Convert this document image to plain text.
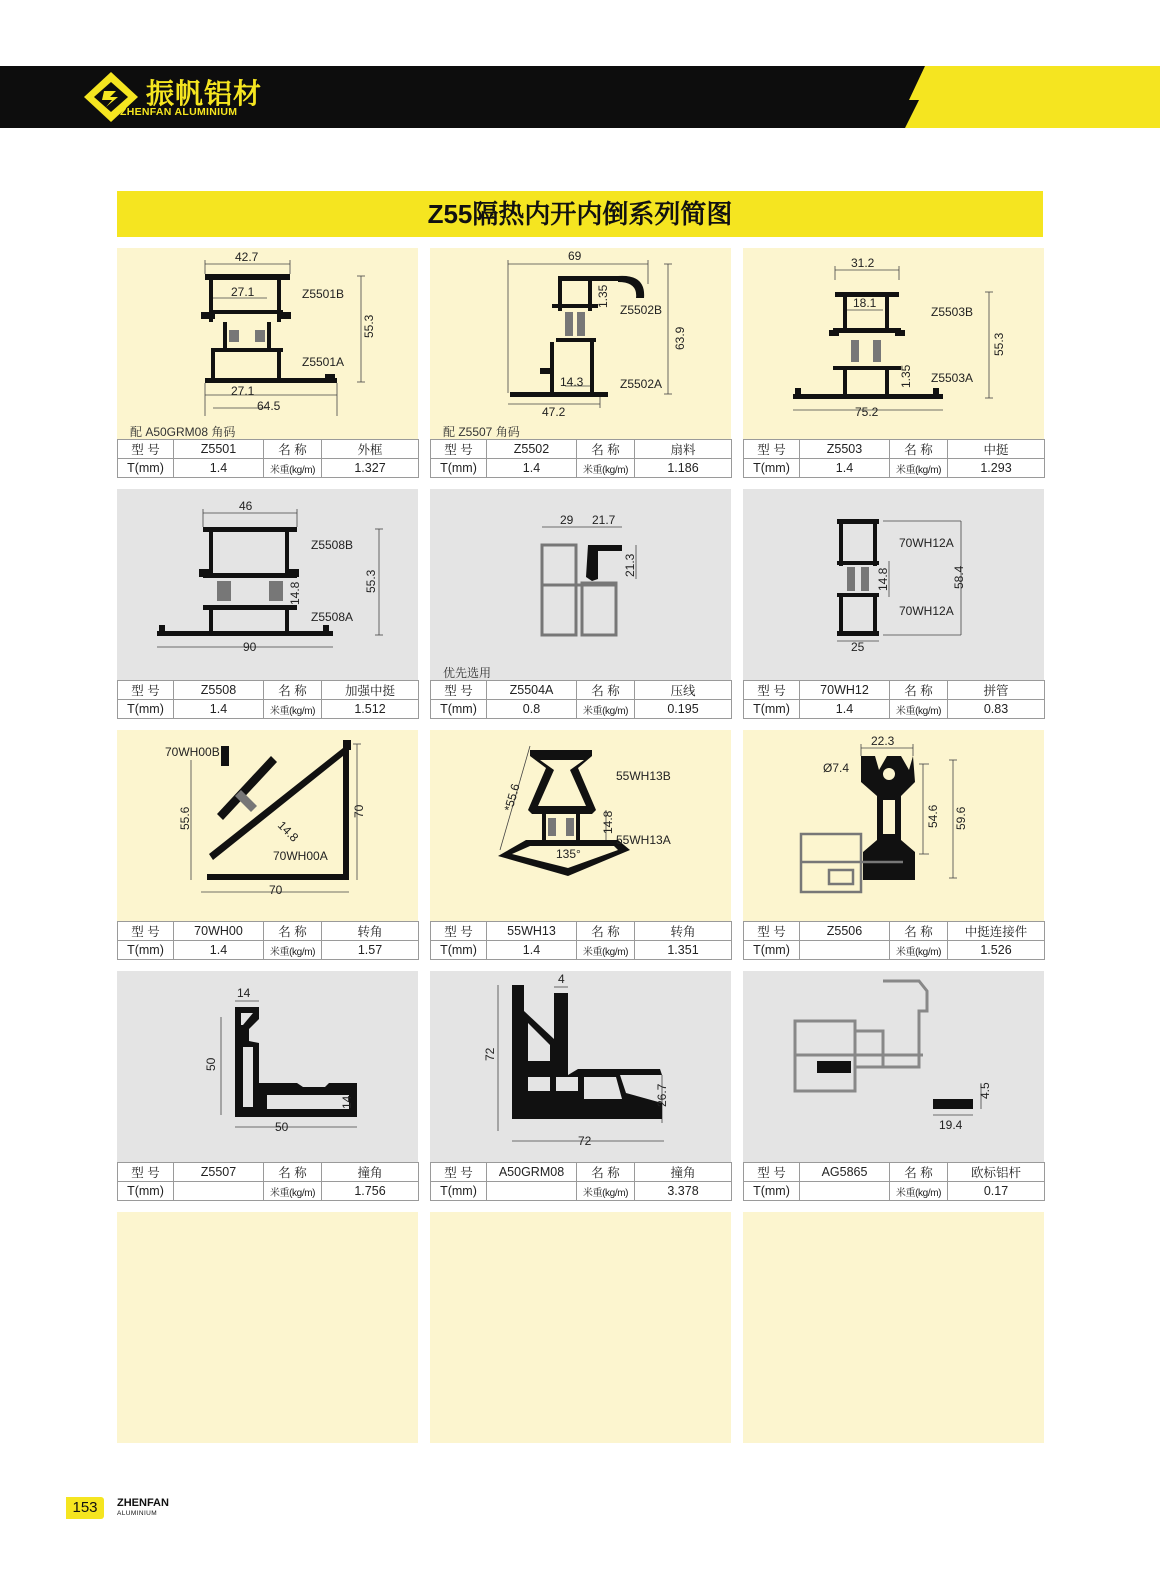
振帆铝材
ZHENFAN ALUMINIUM
Z55隔热内开内倒系列简图
42.7
27.1	Z5501B
Z5501A
55.3
27.1
64.5
配 A50GRM08 角码
型 号	Z5501	名 称	外框
T(mm)	1.4	米重(kg/m)	1.327
69
1.35
Z5502B
63.9
Z5502A
14.3
47.2
配 Z5507 角码
型 号	Z5502	名 称	扇料
T(mm)	1.4	米重(kg/m)	1.186
31.2
18.1
Z5503B
55.3
1.35 Z5503A
75.2
型 号	Z5503	名 称	中挺
T(mm)	1.4	米重(kg/m)	1.293
46
Z5508B
55.3
14.8
Z5508A
90
型 号	Z5508	名 称	加强中挺
T(mm)	1.4	米重(kg/m)	1.512
29 21.7
21.3
优先选用
型 号	Z5504A	名 称	压线
T(mm)	0.8	米重(kg/m)	0.195
70WH12A
14.8	58.4
70WH12A
25
型 号	70WH12	名 称	拼管
T(mm)	1.4	米重(kg/m)	0.83
70WH00B
55.6	14.8
70
70WH00A
70
型 号	70WH00	名 称	转角
T(mm)	1.4	米重(kg/m)	1.57
*55.6
55WH13B
14.8
55WH13A
135°
型 号	55WH13	名 称	转角
T(mm)	1.4	米重(kg/m)	1.351
22.3
Ø7.4
54.6 59.6
型 号	Z5506	名 称	中挺连接件
T(mm)		米重(kg/m)	1.526
14
50
14
50
型 号	Z5507	名 称	撞角
T(mm)		米重(kg/m)	1.756
4
72
26.7
72
型 号	A50GRM08	名 称	撞角
T(mm)		米重(kg/m)	3.378
4.5
19.4
型 号	AG5865	名 称	欧标铝杆
T(mm)		米重(kg/m)	0.17
153	ZHENFAN
ALUMINIUM
